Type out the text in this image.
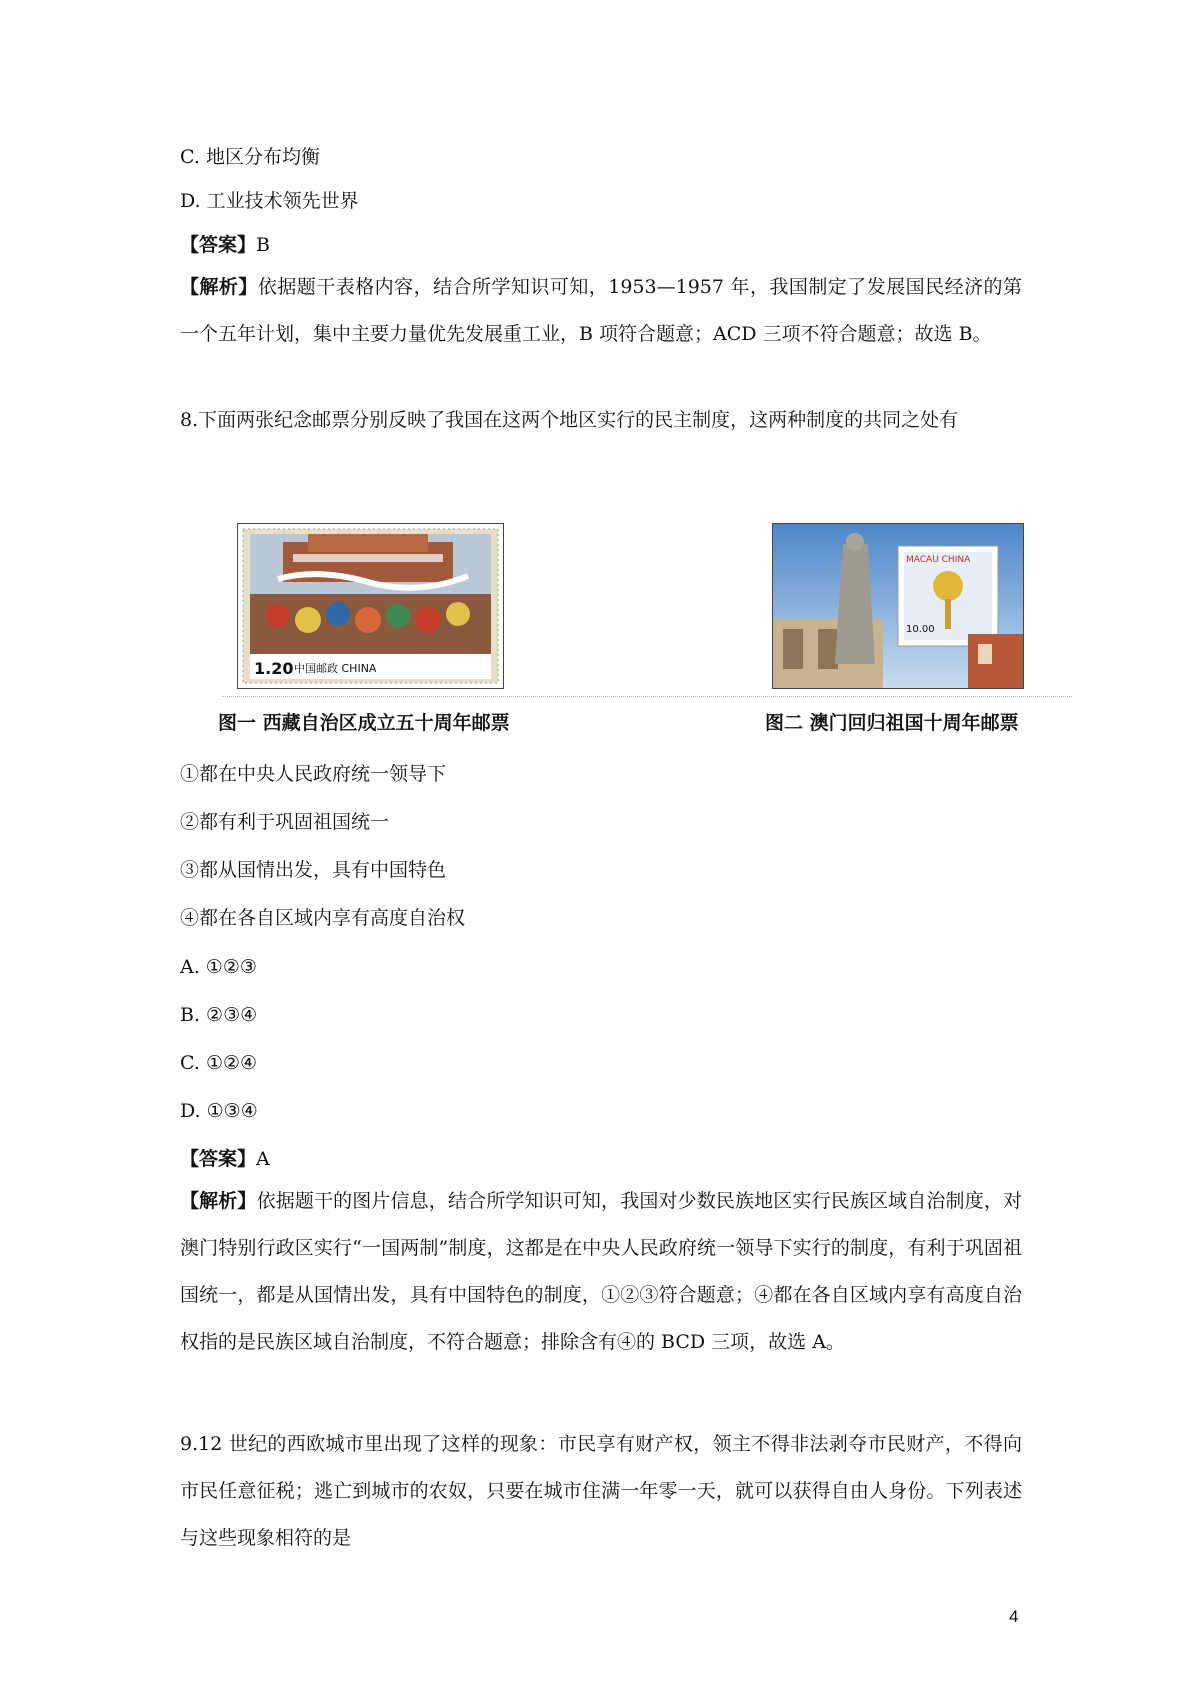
C. 地区分布均衡
D. 工业技术领先世界
【答案】B
【解析】依据题干表格内容，结合所学知识可知，1953—1957 年，我国制定了发展国民经济的第一个五年计划，集中主要力量优先发展重工业，B 项符合题意；ACD 三项不符合题意；故选 B。
8.下面两张纪念邮票分别反映了我国在这两个地区实行的民主制度，这两种制度的共同之处有
1.20 中国邮政 CHINA
MACAU CHINA
10.00
图一 西藏自治区成立五十周年邮票	图二 澳门回归祖国十周年邮票
①都在中央人民政府统一领导下
②都有利于巩固祖国统一
③都从国情出发，具有中国特色
④都在各自区域内享有高度自治权
A. ①②③
B. ②③④
C. ①②④
D. ①③④
【答案】A
【解析】依据题干的图片信息，结合所学知识可知，我国对少数民族地区实行民族区域自治制度，对澳门特别行政区实行“一国两制”制度，这都是在中央人民政府统一领导下实行的制度，有利于巩固祖国统一，都是从国情出发，具有中国特色的制度，①②③符合题意；④都在各自区域内享有高度自治权指的是民族区域自治制度，不符合题意；排除含有④的 BCD 三项，故选 A。
9.12 世纪的西欧城市里出现了这样的现象：市民享有财产权，领主不得非法剥夺市民财产，不得向市民任意征税；逃亡到城市的农奴，只要在城市住满一年零一天，就可以获得自由人身份。下列表述与这些现象相符的是
4
